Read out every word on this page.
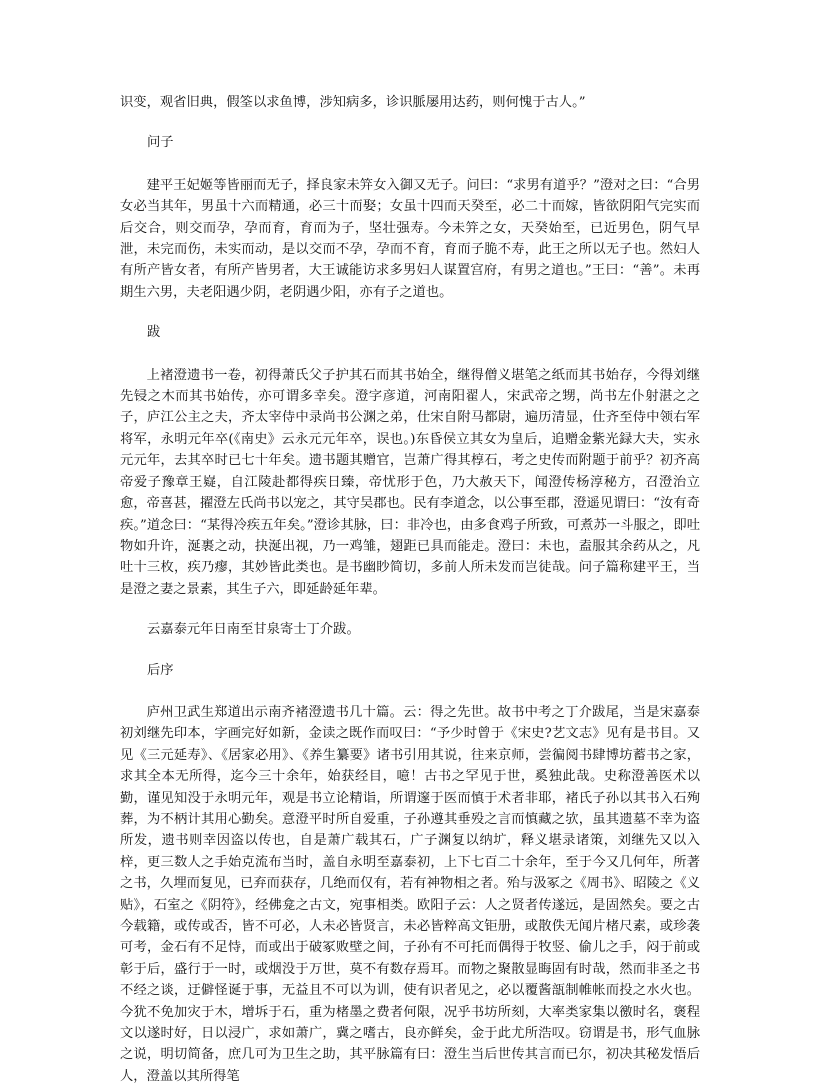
识变，观省旧典，假筌以求鱼博，涉知病多，诊识脈屡用达药，则何愧于古人。”

问子

建平王妃姬等皆丽而无子，择良家未笄女入御又无子。问曰：“求男有道乎？”澄对之曰：“合男女必当其年，男虽十六而精通，必三十而娶；女虽十四而天癸至，必二十而嫁，皆欲阴阳气完实而后交合，则交而孕，孕而育，育而为子，坚壮强寿。今未笄之女，天癸始至，已近男色，阴气早泄，未完而伤，未实而动，是以交而不孕，孕而不育，育而子脆不寿，此王之所以无子也。然妇人有所产皆女者，有所产皆男者，大王诚能访求多男妇人谋置宫府，有男之道也。”王曰：“善”。未再期生六男，夫老阳遇少阴，老阴遇少阳，亦有子之道也。

跋

上褚澄遗书一卷，初得萧氏父子护其石而其书始全，继得僧义堪笔之纸而其书始存，今得刘继先锓之木而其书始传，亦可谓多幸矣。澄字彦道，河南阳翟人，宋武帝之甥，尚书左仆射湛之之子，庐江公主之夫，齐太宰侍中录尚书公渊之弟，仕宋自附马都尉，遍历清显，仕齐至侍中领右军将军，永明元年卒(《南史》云永元元年卒，误也。)东昏侯立其女为皇后，追赠金紫光録大夫，实永元元年，去其卒时已七十年矣。遗书题其赠官，岂萧广得其椁石，考之史传而附题于前乎？初齐高帝爱子豫章王嶷，自江陵赴都得疾日臻，帝忧形于色，乃大赦天下，闻澄传杨淳秘方，召澄治立愈，帝喜甚，擢澄左氏尚书以宠之，其守吴郡也。民有李道念，以公事至郡，澄遥见谓曰：“汝有奇疾。”道念曰：“某得冷疾五年矣。”澄诊其脉，曰：非冷也，由多食鸡子所致，可煮苏一斗服之，即吐物如升许，涎裹之动，抉涎出视，乃一鸡雏，翅距已具而能走。澄曰：未也，盍服其余药从之，凡吐十三枚，疾乃瘳，其妙皆此类也。是书幽眇简切，多前人所未发而岂徒哉。问子篇称建平王，当是澄之妻之景素，其生子六，即延龄延年辈。

云嘉泰元年日南至甘泉寄士丁介跋。

后序

庐州卫武生郑道出示南齐褚澄遗书几十篇。云：得之先世。故书中考之丁介跋尾，当是宋嘉泰初刘继先印本，字画完好如新，金读之既作而叹曰：“予少时曾于《宋史?艺文志》见有是书目。又见《三元延寿》、《居家必用》、《养生纂要》诸书引用其说，往来京师，尝徧阅书肆博坊蓄书之家，求其全本无所得，迄今三十余年，始获经目，噫！古书之罕见于世，奚独此哉。史称澄善医术以勤，谨见知没于永明元年，观是书立论精诣，所谓邃于医而慎于术者非耶，褚氏子孙以其书入石殉葬，为不柄计其用心勤矣。意澄平时所自爱重，子孙遵其垂殁之言而慎藏之欤，虽其遗墓不幸为盗所发，遗书则幸因盗以传也，自是萧广载其石，广子渊复以纳圹，释义堪录诸策，刘继先又以入梓，更三数人之手始克流布当时，盖自永明至嘉泰初，上下七百二十余年，至于今又几何年，所著之书，久埋而复见，已弃而获存，几绝而仅有，若有神物相之者。殆与汲冢之《周书》、昭陵之《义贴》，石室之《阴符》，经佛龛之古文，宛事相类。欧阳子云：人之贤者传遂远，是固然矣。要之古今载籍，或传或否，皆不可必，人未必皆贤言，未必皆粹高文钜册，或散佚无闻片楮尺素，或珍袭可考，金石有不足恃，而或出于破冢败壁之间，子孙有不可托而偶得于牧竖、偷儿之手，闷于前或彰于后，盛行于一时，或烟没于万世，莫不有数存焉耳。而物之聚散显晦固有时哉，然而非圣之书不经之谈，迂僻怪诞于事，无益且不可以为训，使有识者见之，必以覆酱瓿制帷帐而投之水火也。今犹不免加灾于木，增坼于石，重为楮墨之费者何限，况乎书坊所刻，大率类家集以徼时名，褒程文以遂时好，日以浸广，求如萧广，冀之嗜古，良亦鲜矣，金于此尤所浩叹。窃谓是书，形气血脉之说，明切简备，庶几可为卫生之助，其平脉篇有曰：澄生当后世传其言而已尔，初决其秘发悟后人，澄盖以其所得笔
